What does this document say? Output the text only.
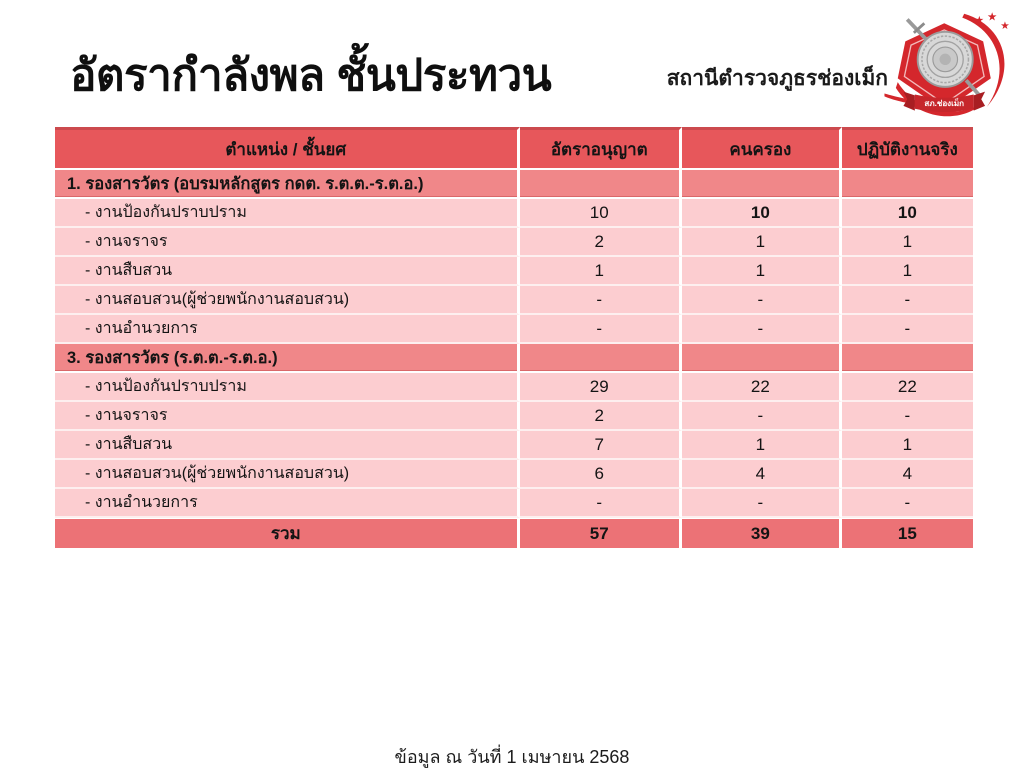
อัตรากำลังพล ชั้นประทวน	สถานีตำรวจภูธรช่องเม็ก
★ ★
★
สภ.ช่องเม็ก
ตำแหน่ง / ชั้นยศ	อัตราอนุญาต	คนครอง	ปฏิบัติงานจริง
1. รองสารวัตร (อบรมหลักสูตร กดต. ร.ต.ต.-ร.ต.อ.)			
- งานป้องกันปราบปราม	10	10	10
- งานจราจร	2	1	1
- งานสืบสวน	1	1	1
- งานสอบสวน(ผู้ช่วยพนักงานสอบสวน)	-	-	-
- งานอำนวยการ	-	-	-
3. รองสารวัตร (ร.ต.ต.-ร.ต.อ.)			
- งานป้องกันปราบปราม	29	22	22
- งานจราจร	2	-	-
- งานสืบสวน	7	1	1
- งานสอบสวน(ผู้ช่วยพนักงานสอบสวน)	6	4	4
- งานอำนวยการ	-	-	-
รวม	57	39	15
ข้อมูล ณ วันที่ 1 เมษายน 2568
